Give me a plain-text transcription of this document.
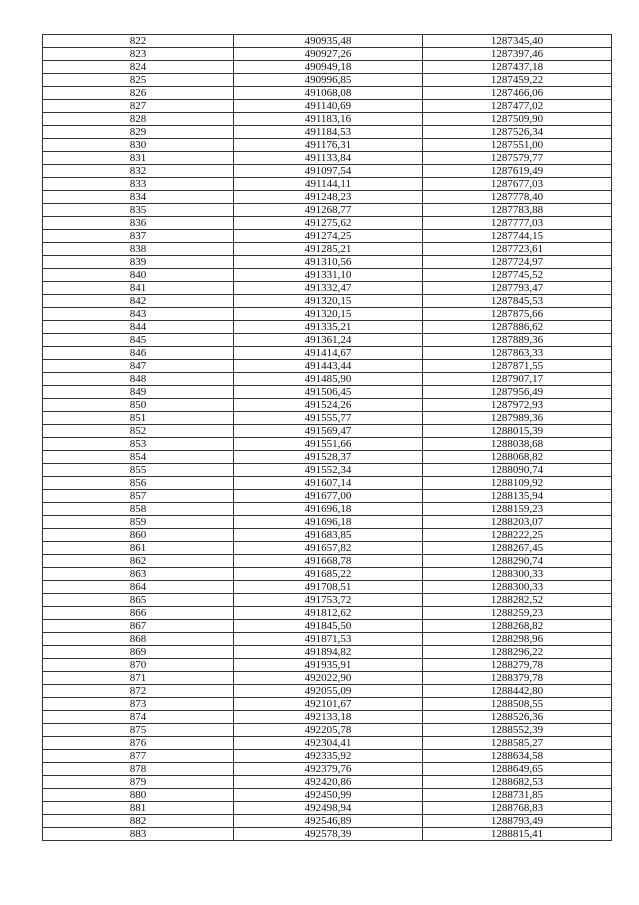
822	490935,48	1287345,40
823	490927,26	1287397,46
824	490949,18	1287437,18
825	490996,85	1287459,22
826	491068,08	1287466,06
827	491140,69	1287477,02
828	491183,16	1287509,90
829	491184,53	1287526,34
830	491176,31	1287551,00
831	491133,84	1287579,77
832	491097,54	1287619,49
833	491144,11	1287677,03
834	491248,23	1287778,40
835	491268,77	1287783,88
836	491275,62	1287777,03
837	491274,25	1287744,15
838	491285,21	1287723,61
839	491310,56	1287724,97
840	491331,10	1287745,52
841	491332,47	1287793,47
842	491320,15	1287845,53
843	491320,15	1287875,66
844	491335,21	1287886,62
845	491361,24	1287889,36
846	491414,67	1287863,33
847	491443,44	1287871,55
848	491485,90	1287907,17
849	491506,45	1287956,49
850	491524,26	1287972,93
851	491555,77	1287989,36
852	491569,47	1288015,39
853	491551,66	1288038,68
854	491528,37	1288068,82
855	491552,34	1288090,74
856	491607,14	1288109,92
857	491677,00	1288135,94
858	491696,18	1288159,23
859	491696,18	1288203,07
860	491683,85	1288222,25
861	491657,82	1288267,45
862	491668,78	1288290,74
863	491685,22	1288300,33
864	491708,51	1288300,33
865	491753,72	1288282,52
866	491812,62	1288259,23
867	491845,50	1288268,82
868	491871,53	1288298,96
869	491894,82	1288296,22
870	491935,91	1288279,78
871	492022,90	1288379,78
872	492055,09	1288442,80
873	492101,67	1288508,55
874	492133,18	1288526,36
875	492205,78	1288552,39
876	492304,41	1288585,27
877	492335,92	1288634,58
878	492379,76	1288649,65
879	492420,86	1288682,53
880	492450,99	1288731,85
881	492498,94	1288768,83
882	492546,89	1288793,49
883	492578,39	1288815,41
